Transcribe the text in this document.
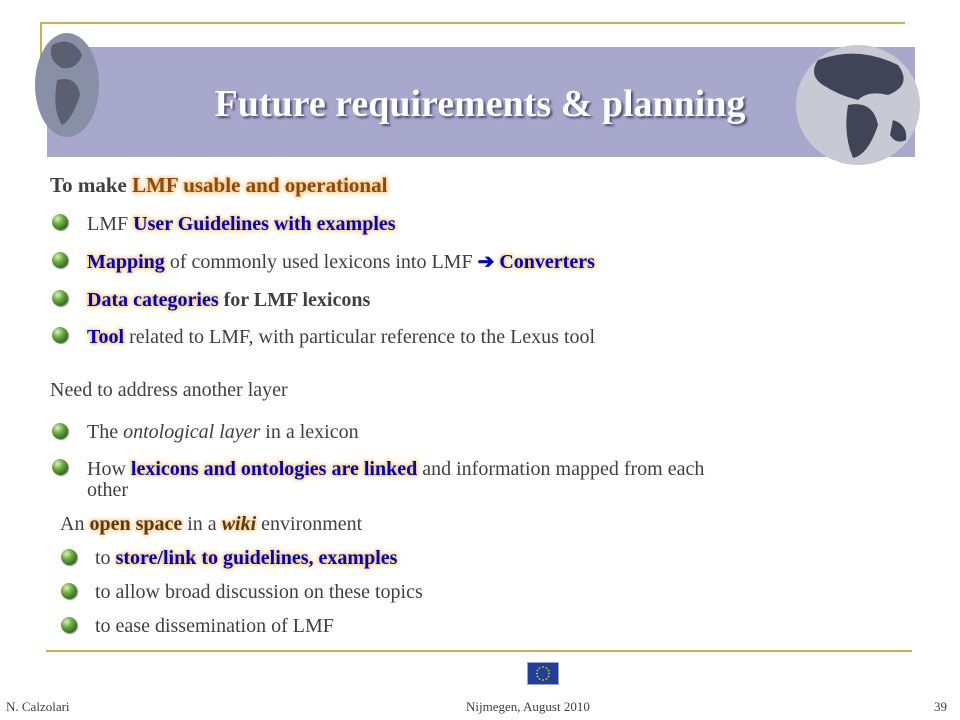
Future requirements & planning
To make LMF usable and operational
LMF User Guidelines with examples
Mapping of commonly used lexicons into LMF ➔ Converters
Data categories for LMF lexicons
Tool related to LMF, with particular reference to the Lexus tool
Need to address another layer
The ontological layer in a lexicon
How lexicons and ontologies are linked and information mapped from each
other
An open space in a wiki environment
to store/link to guidelines, examples
to allow broad discussion on these topics
to ease dissemination of LMF
N. Calzolari	Nijmegen, August 2010	39
